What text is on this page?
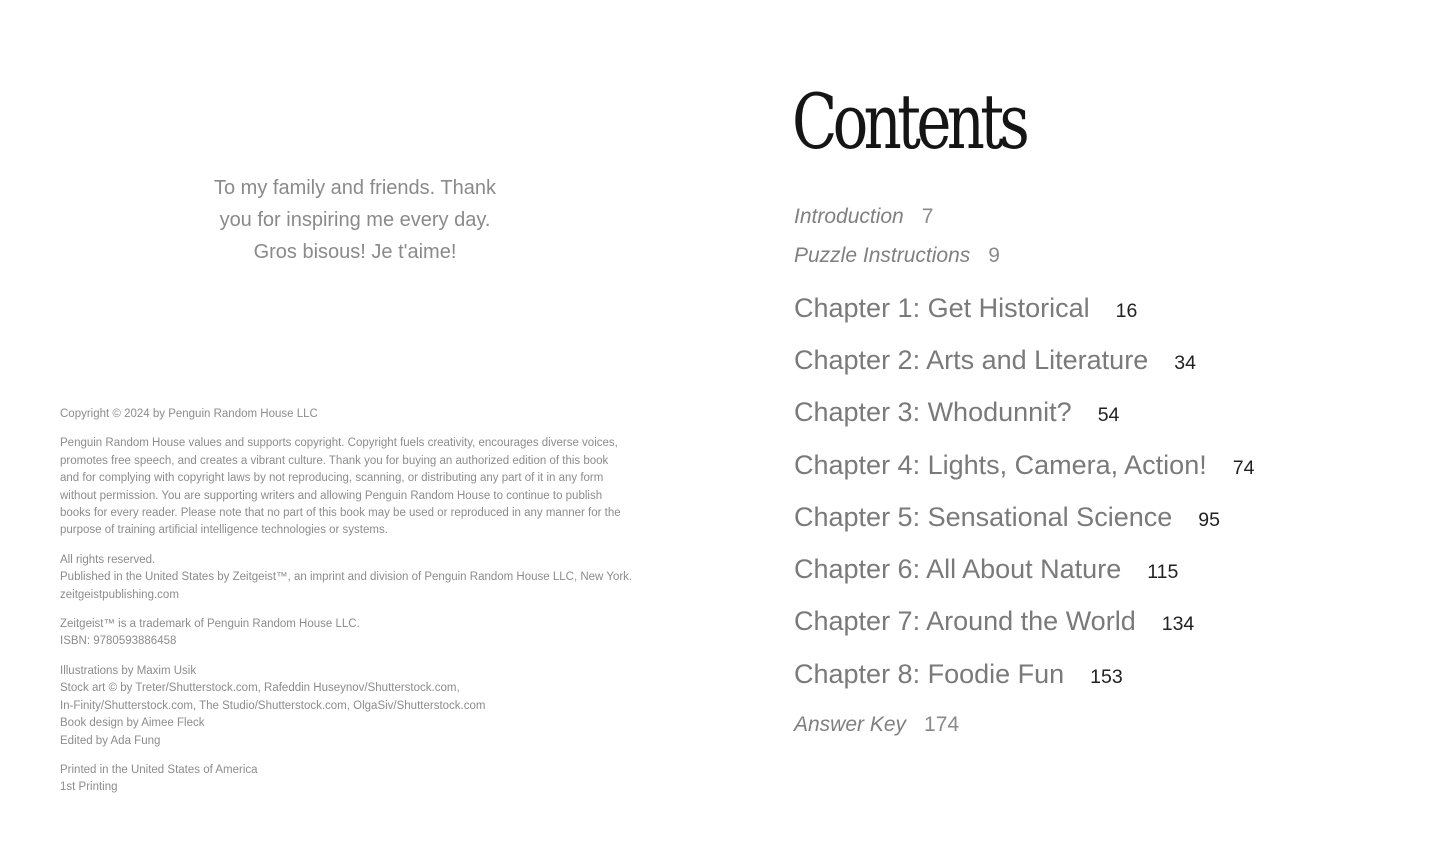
To my family and friends. Thank
you for inspiring me every day.
Gros bisous! Je t'aime!
Copyright © 2024 by Penguin Random House LLC
Penguin Random House values and supports copyright. Copyright fuels creativity, encourages diverse voices,
promotes free speech, and creates a vibrant culture. Thank you for buying an authorized edition of this book
and for complying with copyright laws by not reproducing, scanning, or distributing any part of it in any form
without permission. You are supporting writers and allowing Penguin Random House to continue to publish
books for every reader. Please note that no part of this book may be used or reproduced in any manner for the
purpose of training artificial intelligence technologies or systems.
All rights reserved.
Published in the United States by Zeitgeist™, an imprint and division of Penguin Random House LLC, New York.
zeitgeistpublishing.com
Zeitgeist™ is a trademark of Penguin Random House LLC.
ISBN: 9780593886458
Illustrations by Maxim Usik
Stock art © by Treter/Shutterstock.com, Rafeddin Huseynov/Shutterstock.com,
In-Finity/Shutterstock.com, The Studio/Shutterstock.com, OlgaSiv/Shutterstock.com
Book design by Aimee Fleck
Edited by Ada Fung
Printed in the United States of America
1st Printing
Contents
Introduction 7
Puzzle Instructions 9
Chapter 1: Get Historical 16
Chapter 2: Arts and Literature 34
Chapter 3: Whodunnit? 54
Chapter 4: Lights, Camera, Action! 74
Chapter 5: Sensational Science 95
Chapter 6: All About Nature 115
Chapter 7: Around the World 134
Chapter 8: Foodie Fun 153
Answer Key 174
